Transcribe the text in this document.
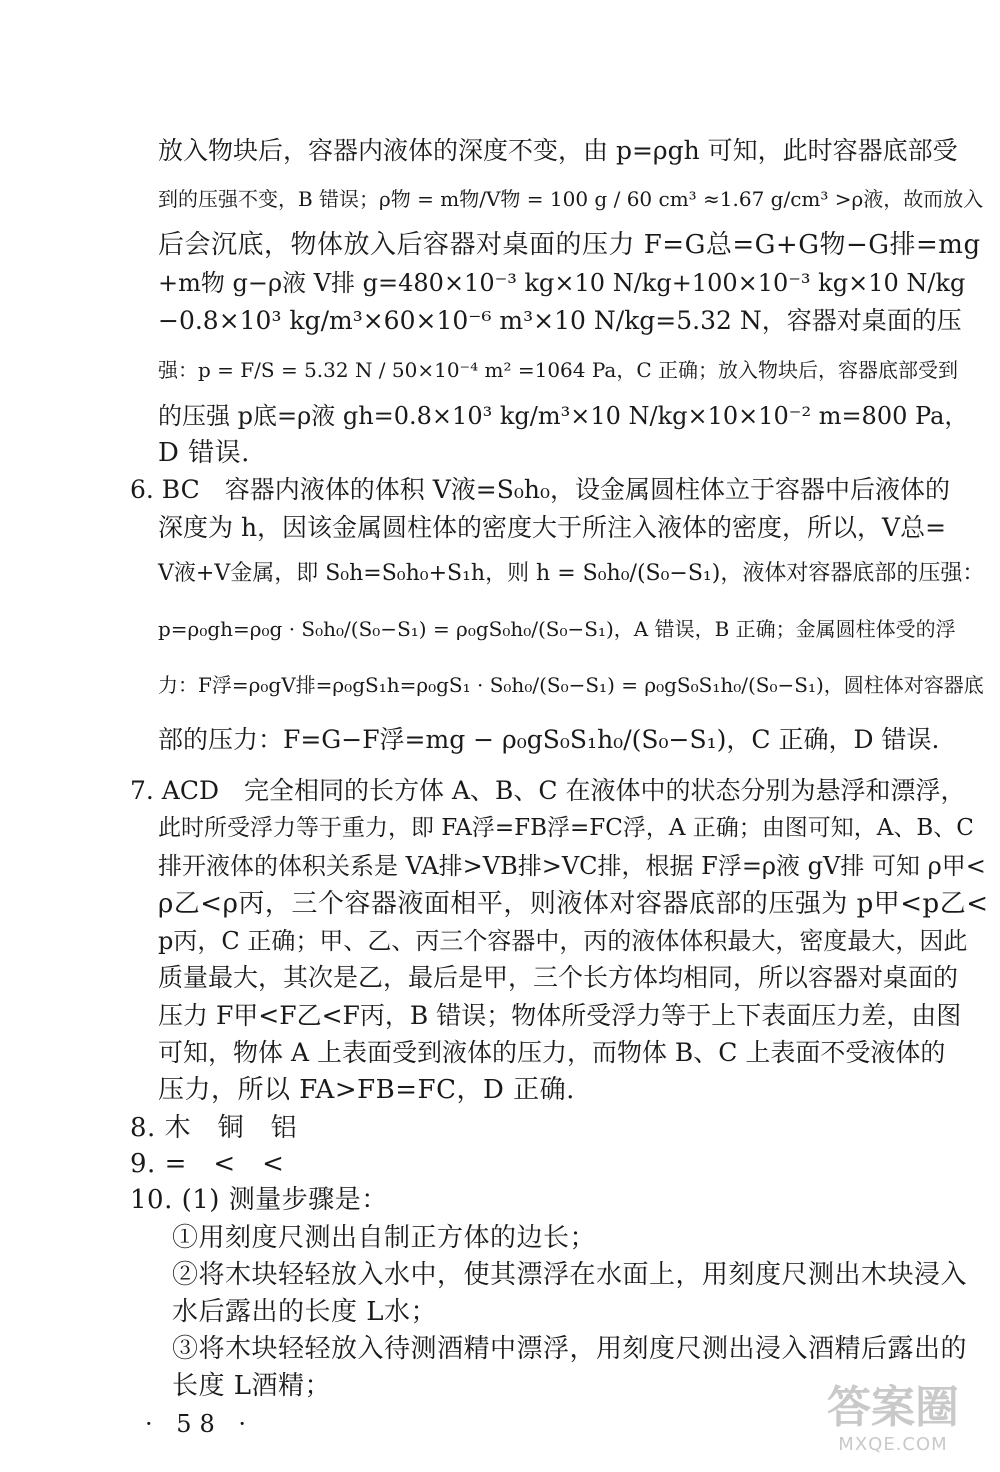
放入物块后，容器内液体的深度不变，由 p=ρgh 可知，此时容器底部受
到的压强不变，B 错误；ρ物 = m物/V物 = 100 g / 60 cm³ ≈1.67 g/cm³ >ρ液，故而放入
后会沉底，物体放入后容器对桌面的压力 F=G总=G+G物−G排=mg
+m物 g−ρ液 V排 g=480×10⁻³ kg×10 N/kg+100×10⁻³ kg×10 N/kg
−0.8×10³ kg/m³×60×10⁻⁶ m³×10 N/kg=5.32 N，容器对桌面的压
强：p = F/S = 5.32 N / 50×10⁻⁴ m² =1064 Pa，C 正确；放入物块后，容器底部受到
的压强 p底=ρ液 gh=0.8×10³ kg/m³×10 N/kg×10×10⁻² m=800 Pa，
D 错误.
6. BC　容器内液体的体积 V液=S₀h₀，设金属圆柱体立于容器中后液体的
深度为 h，因该金属圆柱体的密度大于所注入液体的密度，所以，V总=
V液+V金属，即 S₀h=S₀h₀+S₁h，则 h = S₀h₀/(S₀−S₁)，液体对容器底部的压强：
p=ρ₀gh=ρ₀g · S₀h₀/(S₀−S₁) = ρ₀gS₀h₀/(S₀−S₁)，A 错误，B 正确；金属圆柱体受的浮
力：F浮=ρ₀gV排=ρ₀gS₁h=ρ₀gS₁ · S₀h₀/(S₀−S₁) = ρ₀gS₀S₁h₀/(S₀−S₁)，圆柱体对容器底
部的压力：F=G−F浮=mg − ρ₀gS₀S₁h₀/(S₀−S₁)，C 正确，D 错误.
7. ACD　完全相同的长方体 A、B、C 在液体中的状态分别为悬浮和漂浮，
此时所受浮力等于重力，即 FA浮=FB浮=FC浮，A 正确；由图可知，A、B、C
排开液体的体积关系是 VA排>VB排>VC排，根据 F浮=ρ液 gV排 可知 ρ甲<
ρ乙<ρ丙，三个容器液面相平，则液体对容器底部的压强为 p甲<p乙<
p丙，C 正确；甲、乙、丙三个容器中，丙的液体体积最大，密度最大，因此
质量最大，其次是乙，最后是甲，三个长方体均相同，所以容器对桌面的
压力 F甲<F乙<F丙，B 错误；物体所受浮力等于上下表面压力差，由图
可知，物体 A 上表面受到液体的压力，而物体 B、C 上表面不受液体的
压力，所以 FA>FB=FC，D 正确.
8. 木　铜　铝
9. =　<　<
10. (1) 测量步骤是：
①用刻度尺测出自制正方体的边长；
②将木块轻轻放入水中，使其漂浮在水面上，用刻度尺测出木块浸入
水后露出的长度 L水；
③将木块轻轻放入待测酒精中漂浮，用刻度尺测出浸入酒精后露出的
长度 L酒精；
· 58 ·	答案圈
MXQE.COM
